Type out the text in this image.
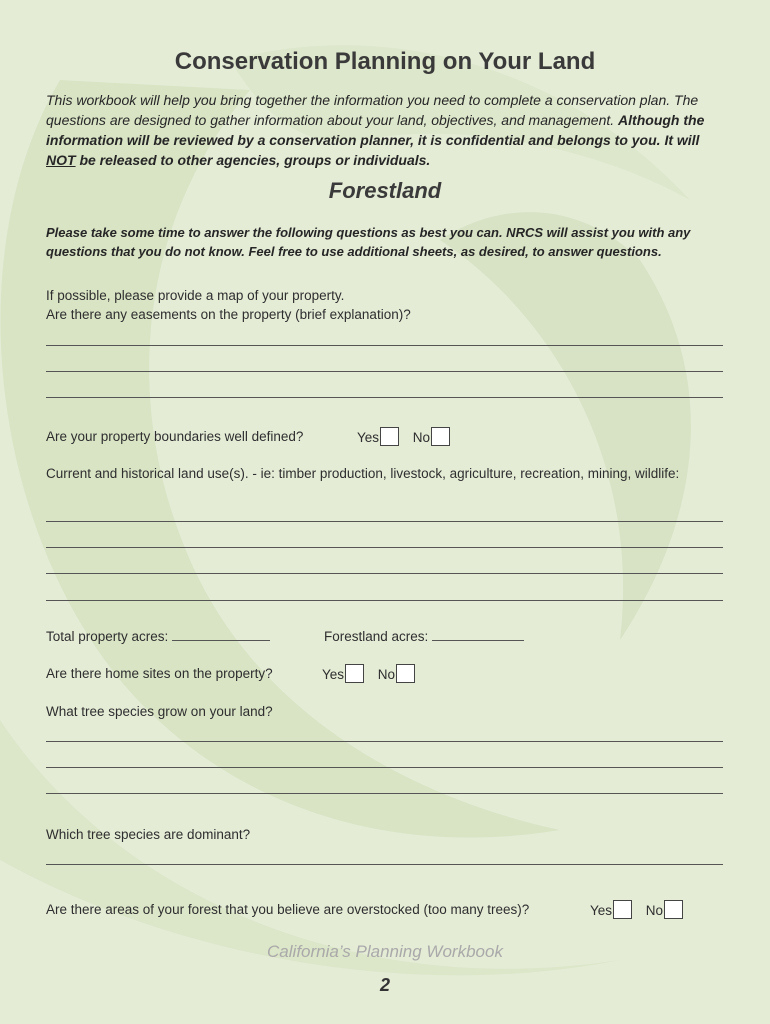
Conservation Planning on Your Land
This workbook will help you bring together the information you need to complete a conservation plan. The questions are designed to gather information about your land, objectives, and management. Although the information will be reviewed by a conservation planner, it is confidential and belongs to you. It will NOT be released to other agencies, groups or individuals.
Forestland
Please take some time to answer the following questions as best you can. NRCS will assist you with any questions that you do not know. Feel free to use additional sheets, as desired, to answer questions.
If possible, please provide a map of your property.
Are there any easements on the property (brief explanation)?
Are your property boundaries well defined?	Yes	No
Current and historical land use(s). - ie: timber production, livestock, agriculture, recreation, mining, wildlife:
Total property acres:	Forestland acres:
Are there home sites on the property?	Yes	No
What tree species grow on your land?
Which tree species are dominant?
Are there areas of your forest that you believe are overstocked (too many trees)?	Yes	No
California’s Planning Workbook
2
